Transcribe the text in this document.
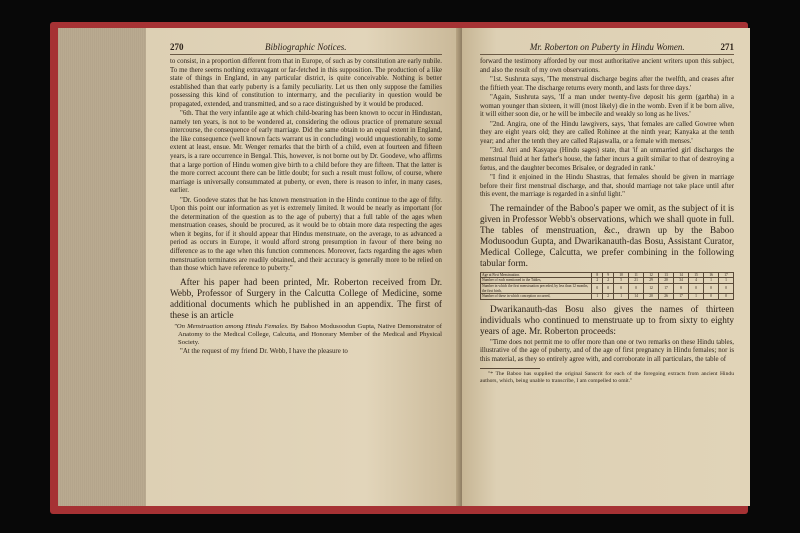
270	Bibliographic Notices.

to consist, in a proportion different from that in Europe, of such as by constitution are early nubile. To me there seems nothing extravagant or far-fetched in this supposition. The production of a like state of things in England, in any particular district, is quite conceivable. Nothing is better established than that early puberty is a family peculiarity. Let us then only suppose the families possessing this kind of constitution to intermarry, and the peculiarity in question would be propagated, extended, and transmitted, and so a race distinguished by it would be produced.

"6th. That the very infantile age at which child-bearing has been known to occur in Hindustan, namely ten years, is not to be wondered at, considering the odious practice of premature sexual intercourse, the consequence of early marriage. Did the same obtain to an equal extent in England, the like consequence (well known facts warrant us in concluding) would unquestionably, to some extent at least, ensue. Mr. Wenger remarks that the birth of a child, even at fourteen and fifteen years, is a rare occurrence in Bengal. This, however, is not borne out by Dr. Goodeve, who affirms that a large portion of Hindu women give birth to a child before they are fifteen. That the latter is the more correct account there can be little doubt; for such a result must follow, of course, where marriage is universally consummated at puberty, or even, there is reason to infer, in many cases, earlier.

"Dr. Goodeve states that he has known menstruation in the Hindu continue to the age of fifty. Upon this point our information as yet is extremely limited. It would be nearly as important (for the determination of the question as to the age of puberty) that a full table of the ages when menstruation ceases, should be procured, as it would be to obtain more data respecting the ages when it begins, for if it should appear that Hindus menstruate, on the average, to as advanced a period as occurs in Europe, it would afford strong presumption in favour of there being no difference as to the age when this function commences. Moreover, facts regarding the ages when menstruation terminates are readily obtained, and their accuracy is generally more to be relied on than those which have reference to puberty."

After his paper had been printed, Mr. Roberton received from Dr. Webb, Professor of Surgery in the Calcutta College of Medicine, some additional documents which he published in an appendix. The first of these is an article

"On Menstruation among Hindu Females. By Baboo Modusoodun Gupta, Native Demonstrator of Anatomy to the Medical College, Calcutta, and Honorary Member of the Medical and Physical Society.

"At the request of my friend Dr. Webb, I have the pleasure to

Mr. Roberton on Puberty in Hindu Women.	271

forward the testimony afforded by our most authoritative ancient writers upon this subject, and also the result of my own observations.

"1st. Sushruta says, 'The menstrual discharge begins after the twelfth, and ceases after the fiftieth year. The discharge returns every month, and lasts for three days.'

"Again, Sushruta says, 'If a man under twenty-five deposit his germ (garbha) in a woman younger than sixteen, it will (most likely) die in the womb. Even if it be born alive, it will either soon die, or he will be imbecile and weakly so long as he lives.'

"2nd. Angira, one of the Hindu lawgivers, says, 'that females are called Gowree when they are eight years old; they are called Rohinee at the ninth year; Kanyaka at the tenth year; and after the tenth they are called Rajaswalla, or a female with menses.'

"3rd. Atri and Kasyapa (Hindu sages) state, that 'if an unmarried girl discharges the menstrual fluid at her father's house, the father incurs a guilt similar to that of destroying a fœtus, and the daughter becomes Brisalee, or degraded in rank.'

"I find it enjoined in the Hindu Shastras, that females should be given in marriage before their first menstrual discharge, and that, should marriage not take place until after this event, the marriage is regarded in a sinful light."

The remainder of the Baboo's paper we omit, as the subject of it is given in Professor Webb's observations, which we shall quote in full. The tables of menstruation, &c., drawn up by the Baboo Modusoodun Gupta, and Dwarikanauth-das Bosu, Assistant Curator, Medical College, Calcutta, we prefer combining in the following tabular form.

Age at First Menstruation.	8	9	10	11	12	13	14	15	16	17
Number of each mentioned in the Tables,	2	2	5	21	29	20	34	4	1	1
Number in which the first menstruation preceded, by less than 12 months, the first birth,	0	0	0	0	12	17	8	0	0	0
Number of these in which conception occurred,	1	2	1	14	20	26	17	1	0	0

Dwarikanauth-das Bosu also gives the names of thirteen individuals who continued to menstruate up to from sixty to eighty years of age. Mr. Roberton proceeds:

"Time does not permit me to offer more than one or two remarks on these Hindu tables, illustrative of the age of puberty, and of the age of first pregnancy in Hindu females; nor is this material, as they so entirely agree with, and corroborate in all particulars, the table of

"* The Baboo has supplied the original Sanscrit for each of the foregoing extracts from ancient Hindu authors, which, being unable to transcribe, I am compelled to omit."
